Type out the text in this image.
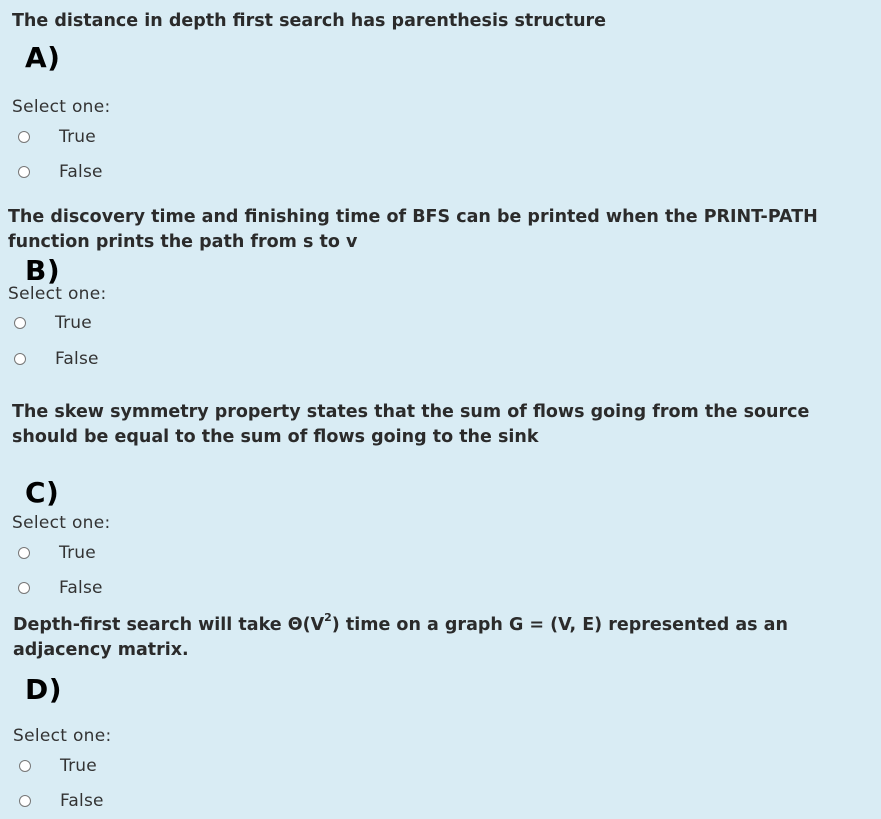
The distance in depth first search has parenthesis structure
A)
Select one:
True
False
The discovery time and finishing time of BFS can be printed when the PRINT-PATH function prints the path from s to v
B)
Select one:
True
False
The skew symmetry property states that the sum of flows going from the source should be equal to the sum of flows going to the sink
C)
Select one:
True
False
Depth-first search will take $\Theta(V^2)$ time on a graph G = (V, E) represented as an adjacency matrix.
D)
Select one:
True
False
